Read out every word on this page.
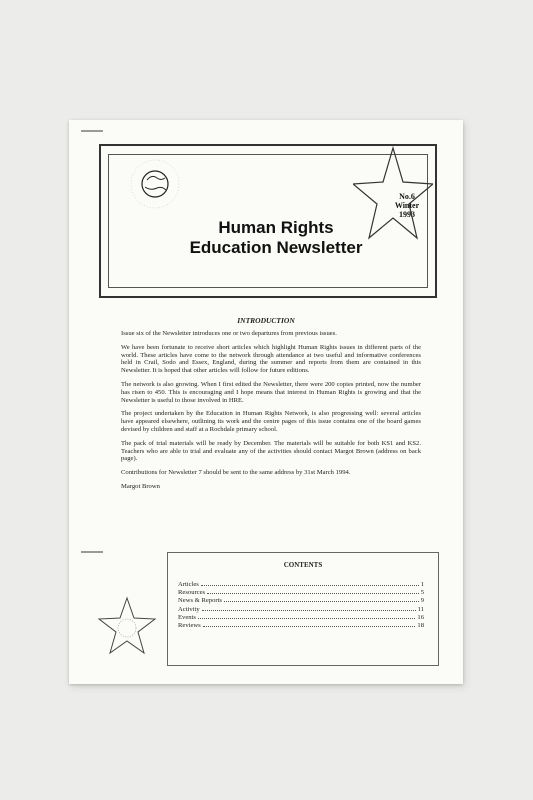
Human Rights
Education Newsletter
No.6
Winter
1993
INTRODUCTION

Issue six of the Newsletter introduces one or two departures from previous issues.

We have been fortunate to receive short articles which highlight Human Rights issues in different parts of the world. These articles have come to the network through attendance at two useful and informative conferences held in Crail, Sodo and Essex, England, during the summer and reports from them are contained in this Newsletter. It is hoped that other articles will follow for future editions.

The network is also growing. When I first edited the Newsletter, there were 200 copies printed, now the number has risen to 450. This is encouraging and I hope means that interest in Human Rights is growing and that the Newsletter is useful to those involved in HRE.

The project undertaken by the Education in Human Rights Network, is also progressing well: several articles have appeared elsewhere, outlining its work and the centre pages of this issue contains one of the board games devised by children and staff at a Rochdale primary school.

The pack of trial materials will be ready by December. The materials will be suitable for both KS1 and KS2. Teachers who are able to trial and evaluate any of the activities should contact Margot Brown (address on back page).

Contributions for Newsletter 7 should be sent to the same address by 31st March 1994.

Margot Brown

CONTENTS
Articles	1
Resources	5
News & Reports	9
Activity	11
Events	16
Reviews	18
